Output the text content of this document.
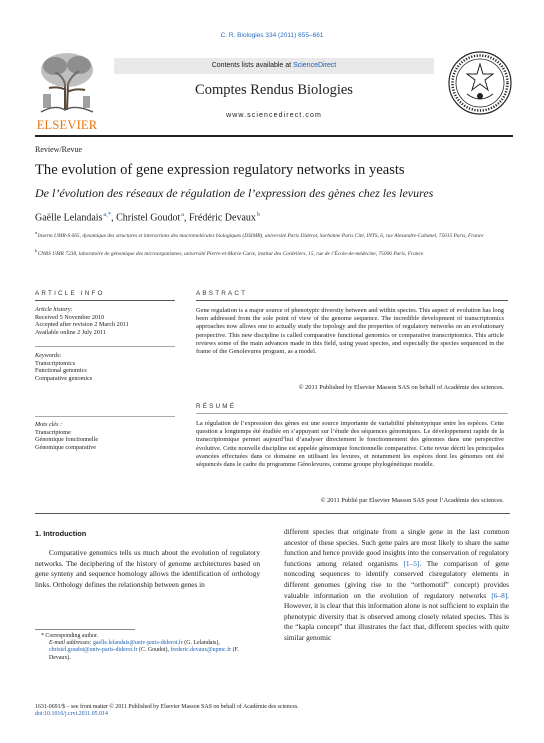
C. R. Biologies 334 (2011) 655–661
ELSEVIER
Contents lists available at ScienceDirect
Comptes Rendus Biologies
www.sciencedirect.com
Review/Revue
The evolution of gene expression regulatory networks in yeasts
De l’évolution des réseaux de régulation de l’expression des gènes chez les levures
Gaëlle Lelandais $^{a,*}$, Christel Goudot $^a$, Frédéric Devaux $^b$
$^a$ Inserm UMR-S 665, dynamique des structures et interactions des macromolécules biologiques (DSIMB), université Paris Diderot, Sorbonne Paris Cité, INTS, 6, rue Alexandre-Cabanel, 75015 Paris, France
$^b$ CNRS UMR 7238, laboratoire de génomique des microorganismes, université Pierre-et-Marie-Curie, institut des Cordeliers, 15, rue de l’École-de-médecine, 75006 Paris, France
ARTICLE INFO
Article history:
Received 5 November 2010
Accepted after revision 2 March 2011
Available online 2 July 2011
Keywords:
Transcriptomics
Functional genomics
Comparative genomics
Mots clés :
Transcriptome
Génomique fonctionnelle
Génomique comparative
ABSTRACT
Gene regulation is a major source of phenotypic diversity between and within species. This aspect of evolution has long been addressed from the sole point of view of the genome sequence. The incredible development of transcriptomics approaches now allows one to actually study the topology and the properties of regulatory networks on an evolutionary perspective. This new discipline is called comparative functional genomics or comparative transcriptomics. This article reviews some of the main advances made in this field, using yeast species, and especially the species sequenced in the frame of the Genolevures program, as a model.
© 2011 Published by Elsevier Masson SAS on behalf of Académie des sciences.
RÉSUMÉ
La régulation de l’expression des gènes est une source importante de variabilité phénotypique entre les espèces. Cette question a longtemps été étudiée en s’appuyant sur l’étude des séquences génomiques. Le développement rapide de la transcriptomique permet aujourd’hui d’analyser directement le fonctionnement des génomes dans une perspective évolutive. Cette nouvelle discipline est appelée génomique fonctionnelle comparative. Cette revue décrit les principales avancées effectuées dans ce domaine en utilisant les levures, et notamment les espèces dont les génomes ont été séquencés dans le cadre du programme Génolevures, comme groupe phylogénétique modèle.
© 2011 Publié par Elsevier Masson SAS pour l’Académie des sciences.
1. Introduction
Comparative genomics tells us much about the evolution of regulatory networks. The deciphering of the history of genome architectures based on gene synteny and sequence homology allows the identification of orthology links. Orthology defines the relationship between genes in
different species that originate from a single gene in the last common ancestor of these species. Such gene pairs are most likely to share the same function and hence provide good insights into the conservation of regulatory functions among related organisms [1–5]. The comparison of gene noncoding sequences to identify conserved cisregulatory elements in different genomes (giving rise to the “orthomotif” concept) provides valuable information on the evolution of regulatory networks [6–8]. However, it is clear that this information alone is not sufficient to explain the phenotypic diversity that is observed among closely related species. This is the “kapla concept” that illustrates the fact that, different species with quite similar genomic
* Corresponding author.
E-mail addresses: gaelle.lelandais@univ-paris-diderot.fr (G. Lelandais), christel.goudot@univ-paris-diderot.fr (C. Goudot), frederic.devaux@upmc.fr (F. Devaux).
1631-0691/$ – see front matter © 2011 Published by Elsevier Masson SAS on behalf of Académie des sciences.
doi:10.1016/j.crvi.2011.05.014
